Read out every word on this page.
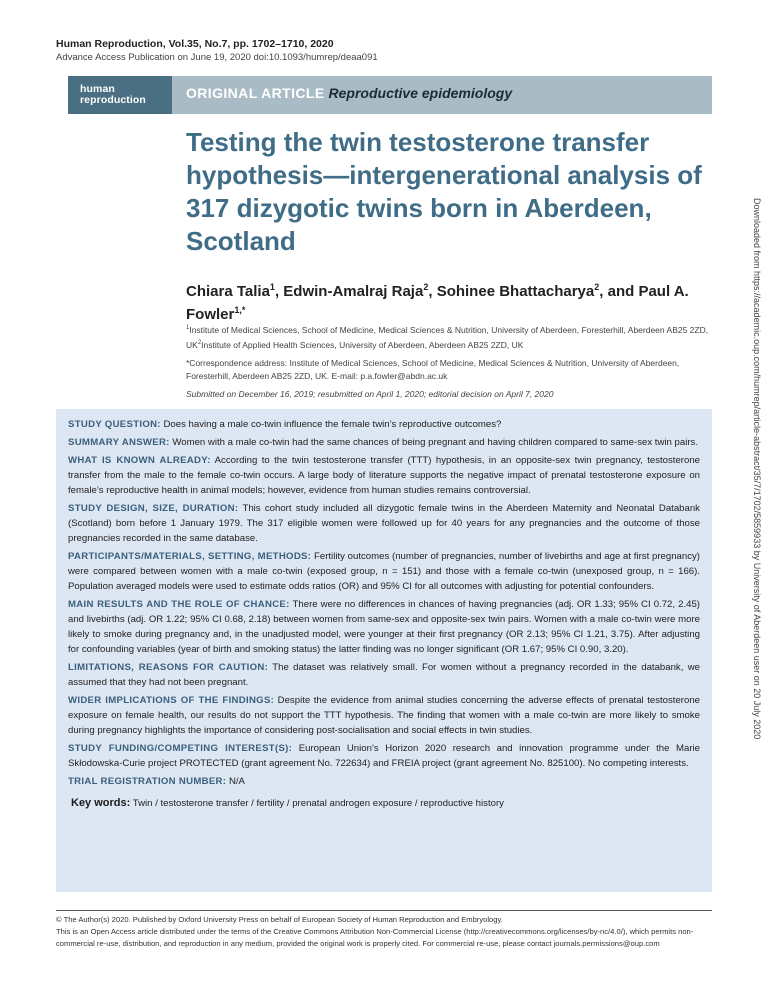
Human Reproduction, Vol.35, No.7, pp. 1702–1710, 2020
Advance Access Publication on June 19, 2020 doi:10.1093/humrep/deaa091
human
reproduction	ORIGINAL ARTICLE Reproductive epidemiology
Testing the twin testosterone transfer hypothesis—intergenerational analysis of 317 dizygotic twins born in Aberdeen, Scotland
Chiara Talia$^1$, Edwin-Amalraj Raja$^2$, Sohinee Bhattacharya$^2$, and Paul A. Fowler$^{1,*}$
$^1$Institute of Medical Sciences, School of Medicine, Medical Sciences & Nutrition, University of Aberdeen, Foresterhill, Aberdeen AB25 2ZD, $UK^2Institute$ of Applied Health Sciences, University of Aberdeen, Aberdeen AB25 2ZD, UK
*Correspondence address: Institute of Medical Sciences, School of Medicine, Medical Sciences & Nutrition, University of Aberdeen, Foresterhill, Aberdeen AB25 2ZD, UK. E-mail: p.a.fowler@abdn.ac.uk
Submitted on December 16, 2019; resubmitted on April 1, 2020; editorial decision on April 7, 2020	Downloaded from https://academic.oup.com/humrep/article-abstract/35/7/1702/5859933 by University of Aberdeen user on 20 July 2020

STUDY QUESTION: Does having a male co-twin influence the female twin’s reproductive outcomes?

SUMMARY ANSWER: Women with a male co-twin had the same chances of being pregnant and having children compared to same-sex twin pairs.

WHAT IS KNOWN ALREADY: According to the twin testosterone transfer (TTT) hypothesis, in an opposite-sex twin pregnancy, testosterone transfer from the male to the female co-twin occurs. A large body of literature supports the negative impact of prenatal testosterone exposure on female’s reproductive health in animal models; however, evidence from human studies remains controversial.

STUDY DESIGN, SIZE, DURATION: This cohort study included all dizygotic female twins in the Aberdeen Maternity and Neonatal Databank (Scotland) born before 1 January 1979. The 317 eligible women were followed up for 40 years for any pregnancies and the outcome of those pregnancies recorded in the same database.

PARTICIPANTS/MATERIALS, SETTING, METHODS: Fertility outcomes (number of pregnancies, number of livebirths and age at first pregnancy) were compared between women with a male co-twin (exposed group, n = 151) and those with a female co-twin (unexposed group, n = 166). Population averaged models were used to estimate odds ratios (OR) and 95% CI for all outcomes with adjusting for potential confounders.

MAIN RESULTS AND THE ROLE OF CHANCE: There were no differences in chances of having pregnancies (adj. OR 1.33; 95% CI 0.72, 2.45) and livebirths (adj. OR 1.22; 95% CI 0.68, 2.18) between women from same-sex and opposite-sex twin pairs. Women with a male co-twin were more likely to smoke during pregnancy and, in the unadjusted model, were younger at their first pregnancy (OR 2.13; 95% CI 1.21, 3.75). After adjusting for confounding variables (year of birth and smoking status) the latter finding was no longer significant (OR 1.67; 95% CI 0.90, 3.20).

LIMITATIONS, REASONS FOR CAUTION: The dataset was relatively small. For women without a pregnancy recorded in the databank, we assumed that they had not been pregnant.

WIDER IMPLICATIONS OF THE FINDINGS: Despite the evidence from animal studies concerning the adverse effects of prenatal testosterone exposure on female health, our results do not support the TTT hypothesis. The finding that women with a male co-twin are more likely to smoke during pregnancy highlights the importance of considering post-socialisation and social effects in twin studies.

STUDY FUNDING/COMPETING INTEREST(S): European Union’s Horizon 2020 research and innovation programme under the Marie Skłodowska-Curie project PROTECTED (grant agreement No. 722634) and FREIA project (grant agreement No. 825100). No competing interests.

TRIAL REGISTRATION NUMBER: N/A

Key words: Twin / testosterone transfer / fertility / prenatal androgen exposure / reproductive history

© The Author(s) 2020. Published by Oxford University Press on behalf of European Society of Human Reproduction and Embryology.
This is an Open Access article distributed under the terms of the Creative Commons Attribution Non-Commercial License (http://creativecommons.org/licenses/by-nc/4.0/), which permits non-commercial re-use, distribution, and reproduction in any medium, provided the original work is properly cited. For commercial re-use, please contact journals.permissions@oup.com
